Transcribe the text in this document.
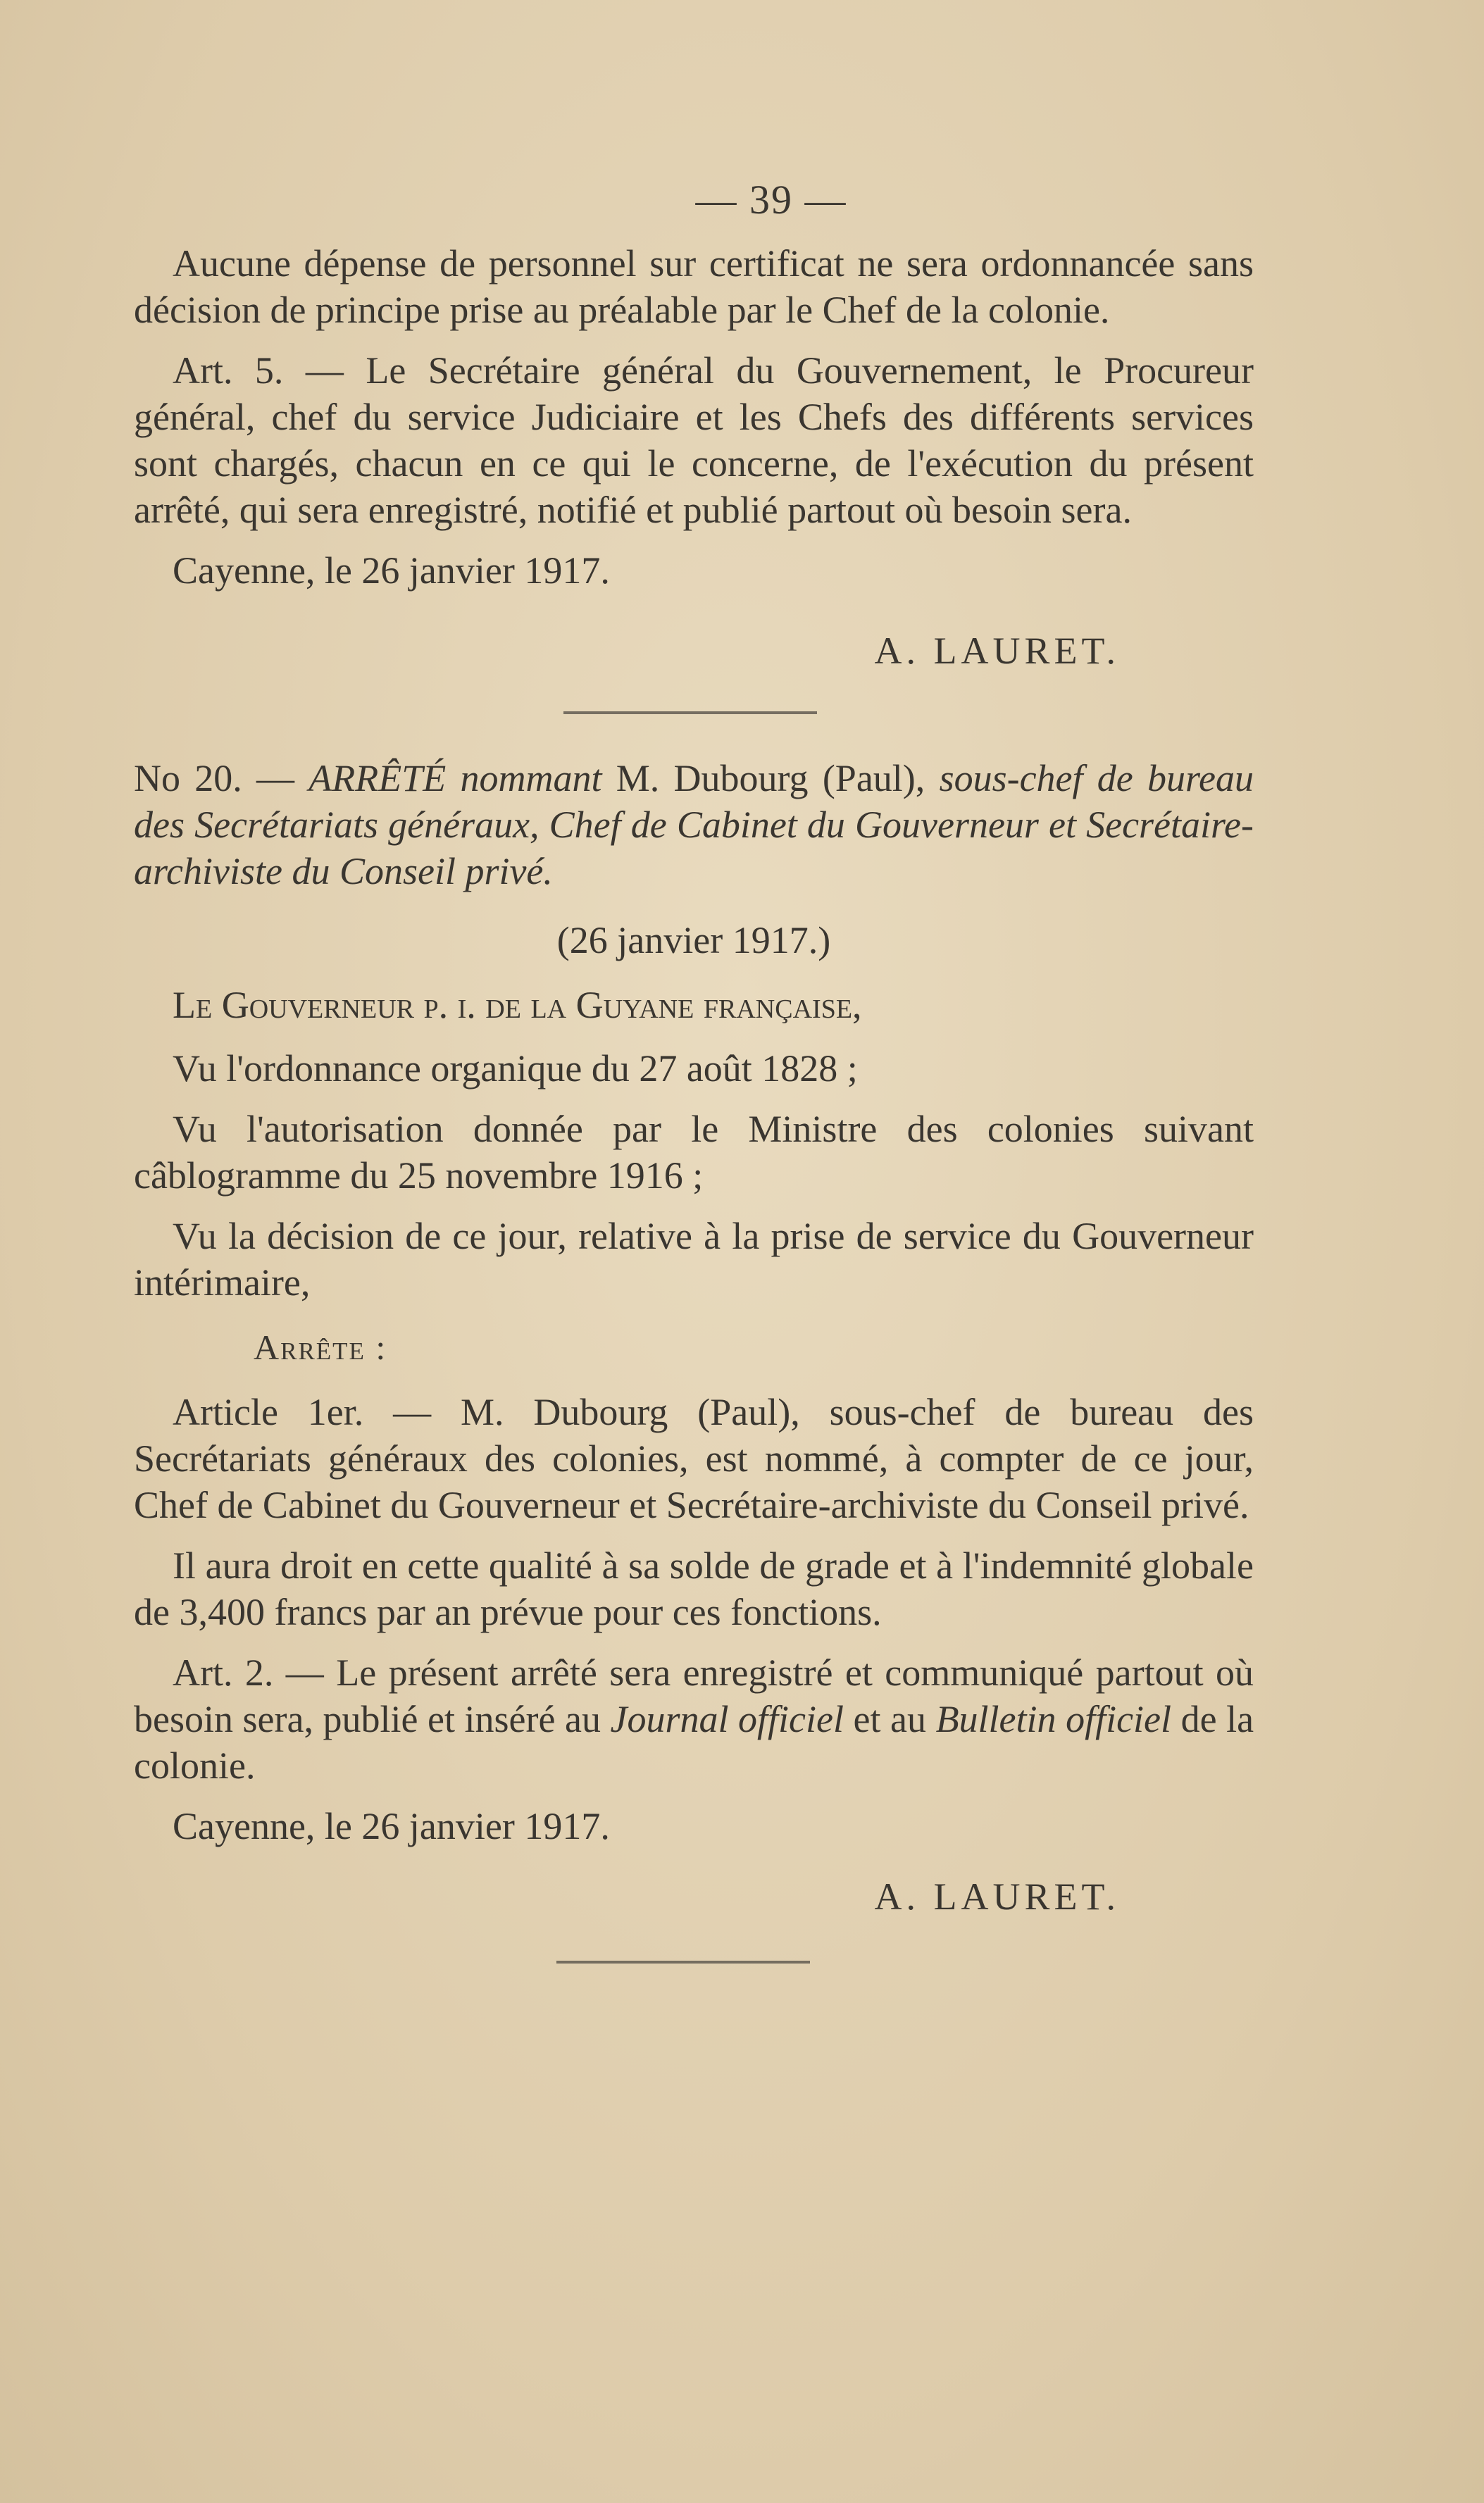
— 39 —

Aucune dépense de personnel sur certificat ne sera ordonnancée sans décision de principe prise au préalable par le Chef de la colonie.

Art. 5. — Le Secrétaire général du Gouvernement, le Procureur général, chef du service Judiciaire et les Chefs des différents services sont chargés, chacun en ce qui le concerne, de l'exécution du présent arrêté, qui sera enregistré, notifié et publié partout où besoin sera.

Cayenne, le 26 janvier 1917.

A. LAURET.

No 20. — ARRÊTÉ nommant M. Dubourg (Paul), sous-chef de bureau des Secrétariats généraux, Chef de Cabinet du Gouverneur et Secrétaire-archiviste du Conseil privé.

(26 janvier 1917.)

Le Gouverneur p. i. de la Guyane française,

Vu l'ordonnance organique du 27 août 1828 ;

Vu l'autorisation donnée par le Ministre des colonies suivant câblogramme du 25 novembre 1916 ;

Vu la décision de ce jour, relative à la prise de service du Gouverneur intérimaire,

Arrête :

Article 1er. — M. Dubourg (Paul), sous-chef de bureau des Secrétariats généraux des colonies, est nommé, à compter de ce jour, Chef de Cabinet du Gouverneur et Secrétaire-archiviste du Conseil privé.

Il aura droit en cette qualité à sa solde de grade et à l'indemnité globale de 3,400 francs par an prévue pour ces fonctions.

Art. 2. — Le présent arrêté sera enregistré et communiqué partout où besoin sera, publié et inséré au Journal officiel et au Bulletin officiel de la colonie.

Cayenne, le 26 janvier 1917.

A. LAURET.
